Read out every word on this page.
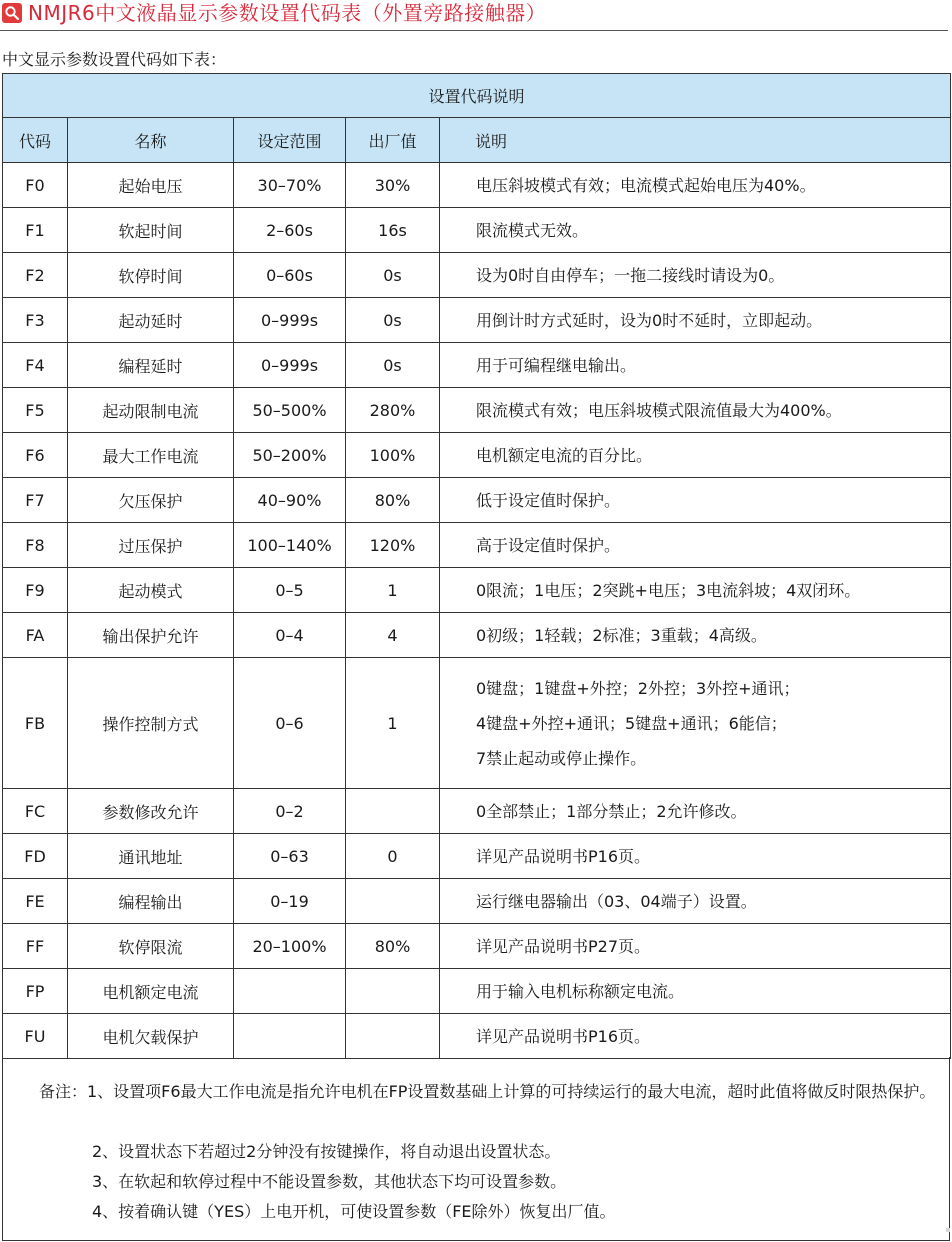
NMJR6中文液晶显示参数设置代码表（外置旁路接触器）
中文显示参数设置代码如下表：
设置代码说明				
代码	名称	设定范围	出厂值	说明
F0	起始电压	30–70%	30%	电压斜坡模式有效；电流模式起始电压为40%。

F1	软起时间	2–60s	16s	限流模式无效。

F2	软停时间	0–60s	0s	设为0时自由停车；一拖二接线时请设为0。

F3	起动延时	0–999s	0s	用倒计时方式延时，设为0时不延时，立即起动。

F4	编程延时	0–999s	0s	用于可编程继电输出。

F5	起动限制电流	50–500%	280%	限流模式有效；电压斜坡模式限流值最大为400%。

F6	最大工作电流	50–200%	100%	电机额定电流的百分比。

F7	欠压保护	40–90%	80%	低于设定值时保护。

F8	过压保护	100–140%	120%	高于设定值时保护。

F9	起动模式	0–5	1	0限流；1电压；2突跳+电压；3电流斜坡；4双闭环。

FA	输出保护允许	0–4	4	0初级；1轻载；2标准；3重载；4高级。

FB	操作控制方式	0–6	1	0键盘；1键盘+外控；2外控；3外控+通讯；
4键盘+外控+通讯；5键盘+通讯；6能信；
7禁止起动或停止操作。

FC	参数修改允许	0–2		0全部禁止；1部分禁止；2允许修改。

FD	通讯地址	0–63	0	详见产品说明书P16页。

FE	编程输出	0–19		运行继电器输出（03、04端子）设置。

FF	软停限流	20–100%	80%	详见产品说明书P27页。

FP	电机额定电流			用于输入电机标称额定电流。

FU	电机欠载保护			详见产品说明书P16页。
备注：1、设置项F6最大工作电流是指允许电机在FP设置数基础上计算的可持续运行的最大电流，超时此值将做反时限热保护。
2、设置状态下若超过2分钟没有按键操作，将自动退出设置状态。
3、在软起和软停过程中不能设置参数，其他状态下均可设置参数。
4、按着确认键（YES）上电开机，可使设置参数（FE除外）恢复出厂值。
